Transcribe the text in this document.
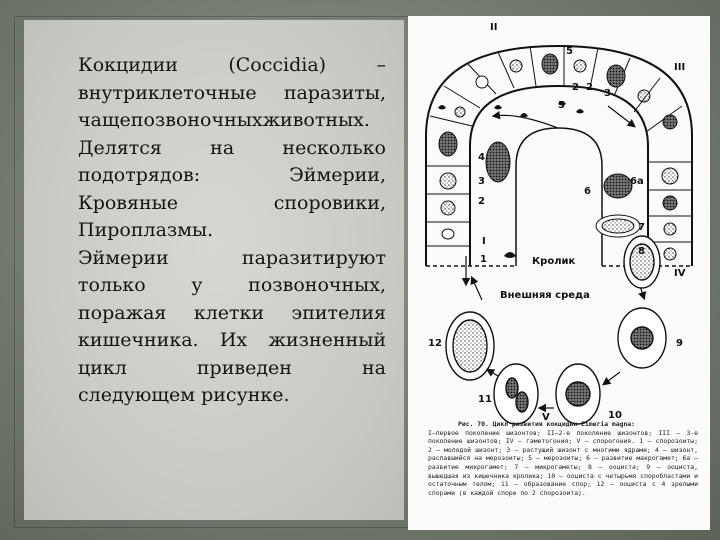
Кокцидии (Coccidia) –
внутриклеточные паразиты,
чащепозвоночныхживотных.
Делятся на несколько
подотрядов: Эймерии,
Кровяные споровики,
Пироплазмы.
Эймерии паразитируют
только у позвоночных,
поражая клетки эпителия
кишечника. Их жизненный
цикл приведен на
следующем рисунке.
Кролик
Внешняя среда
II
III
I
IV
V
1
2
3
4
5
5
2
3
2
6
6a
7
8
9
10
11
12
Рис. 70. Цикл развития кокцидии Eimeria magna:
I—первое поколение шизонтов; II—2-е поколение шизонтов; III — 3-е поколение шизонтов; IV — гаметогония; V — спорогония. 1 — спорозоиты; 2 — молодой шизонт; 3 — растущий шизонт с многими ядрами; 4 — шизонт, распавшийся на мерозоиты; 5 — мерозоиты; 6 — развитие макрогамет; 6а — развитие микрогамет; 7 — микрогаметы; 8 — ооциста; 9 — ооциста, вышедшая из кишечника кролика; 10 — ооциста с четырьмя споробластами и остаточным телом; 11 — образование спор; 12 — ооциста с 4 зрелыми спорами (в каждой споре по 2 спорозоита).
